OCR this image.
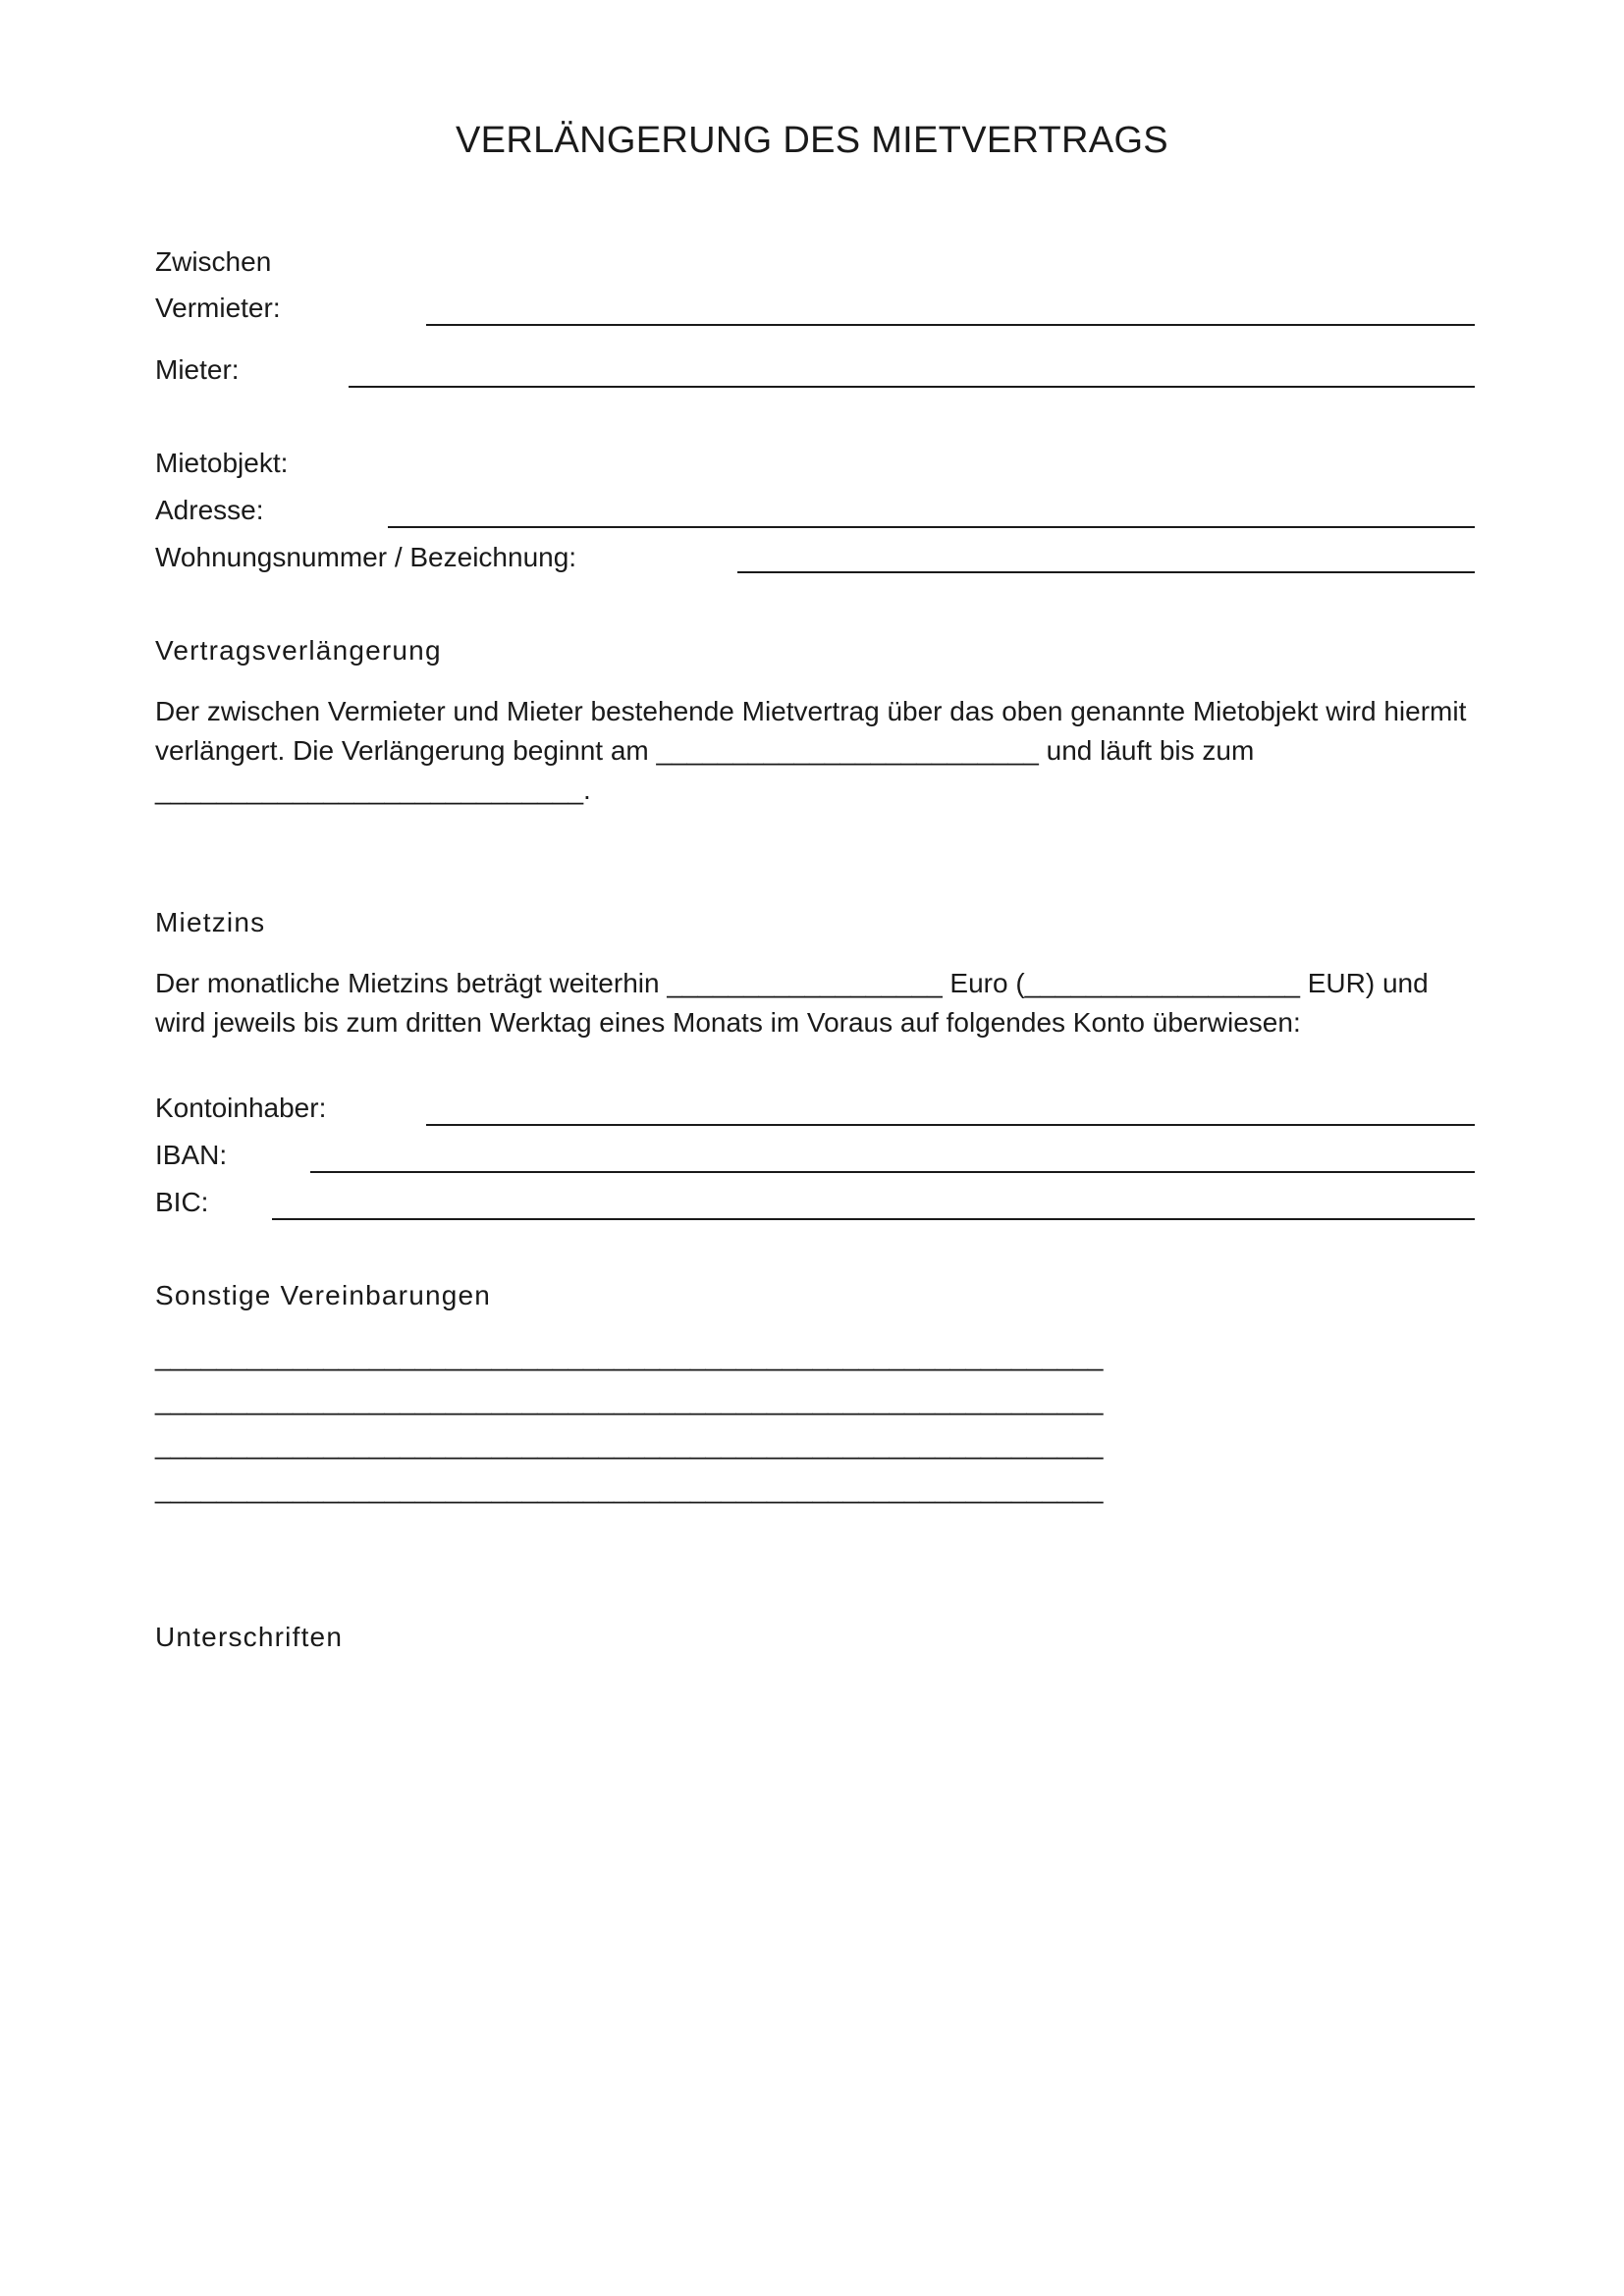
VERLÄNGERUNG DES MIETVERTRAGS
Zwischen
Vermieter:
Mieter:
Mietobjekt:
Adresse:
Wohnungsnummer / Bezeichnung:
Vertragsverlängerung
Der zwischen Vermieter und Mieter bestehende Mietvertrag über das oben genannte Mietobjekt wird hiermit
verlängert. Die Verlängerung beginnt am _________________________ und läuft bis zum
____________________________.
Mietzins
Der monatliche Mietzins beträgt weiterhin __________________ Euro (__________________ EUR) und
wird jeweils bis zum dritten Werktag eines Monats im Voraus auf folgendes Konto überwiesen:
Kontoinhaber:
IBAN:
BIC:
Sonstige Vereinbarungen
______________________________________________________________
______________________________________________________________
______________________________________________________________
______________________________________________________________
Unterschriften
